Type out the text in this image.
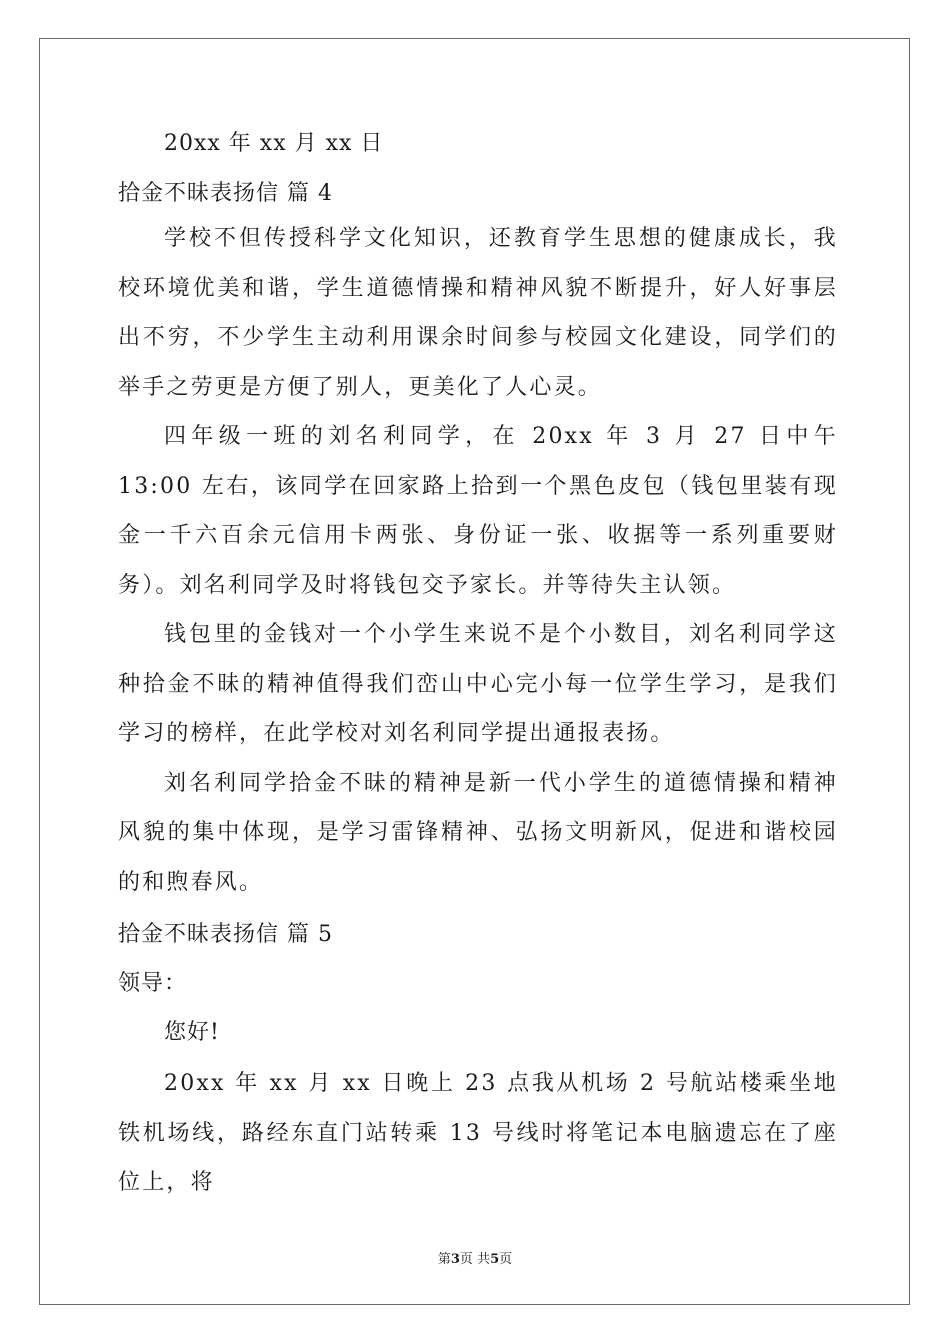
20xx 年 xx 月 xx 日

拾金不昧表扬信 篇 4

学校不但传授科学文化知识，还教育学生思想的健康成长，我校环境优美和谐，学生道德情操和精神风貌不断提升，好人好事层出不穷，不少学生主动利用课余时间参与校园文化建设，同学们的举手之劳更是方便了别人，更美化了人心灵。

四年级一班的刘名利同学，在 20xx 年 3 月 27 日中午 13:00 左右，该同学在回家路上拾到一个黑色皮包（钱包里装有现金一千六百余元信用卡两张、身份证一张、收据等一系列重要财务）。刘名利同学及时将钱包交予家长。并等待失主认领。

钱包里的金钱对一个小学生来说不是个小数目，刘名利同学这种拾金不昧的精神值得我们峦山中心完小每一位学生学习，是我们学习的榜样，在此学校对刘名利同学提出通报表扬。

刘名利同学拾金不昧的精神是新一代小学生的道德情操和精神风貌的集中体现，是学习雷锋精神、弘扬文明新风，促进和谐校园的和煦春风。

拾金不昧表扬信 篇 5

领导：

您好!

20xx 年 xx 月 xx 日晚上 23 点我从机场 2 号航站楼乘坐地铁机场线，路经东直门站转乘 13 号线时将笔记本电脑遗忘在了座位上，将

第3页 共5页
